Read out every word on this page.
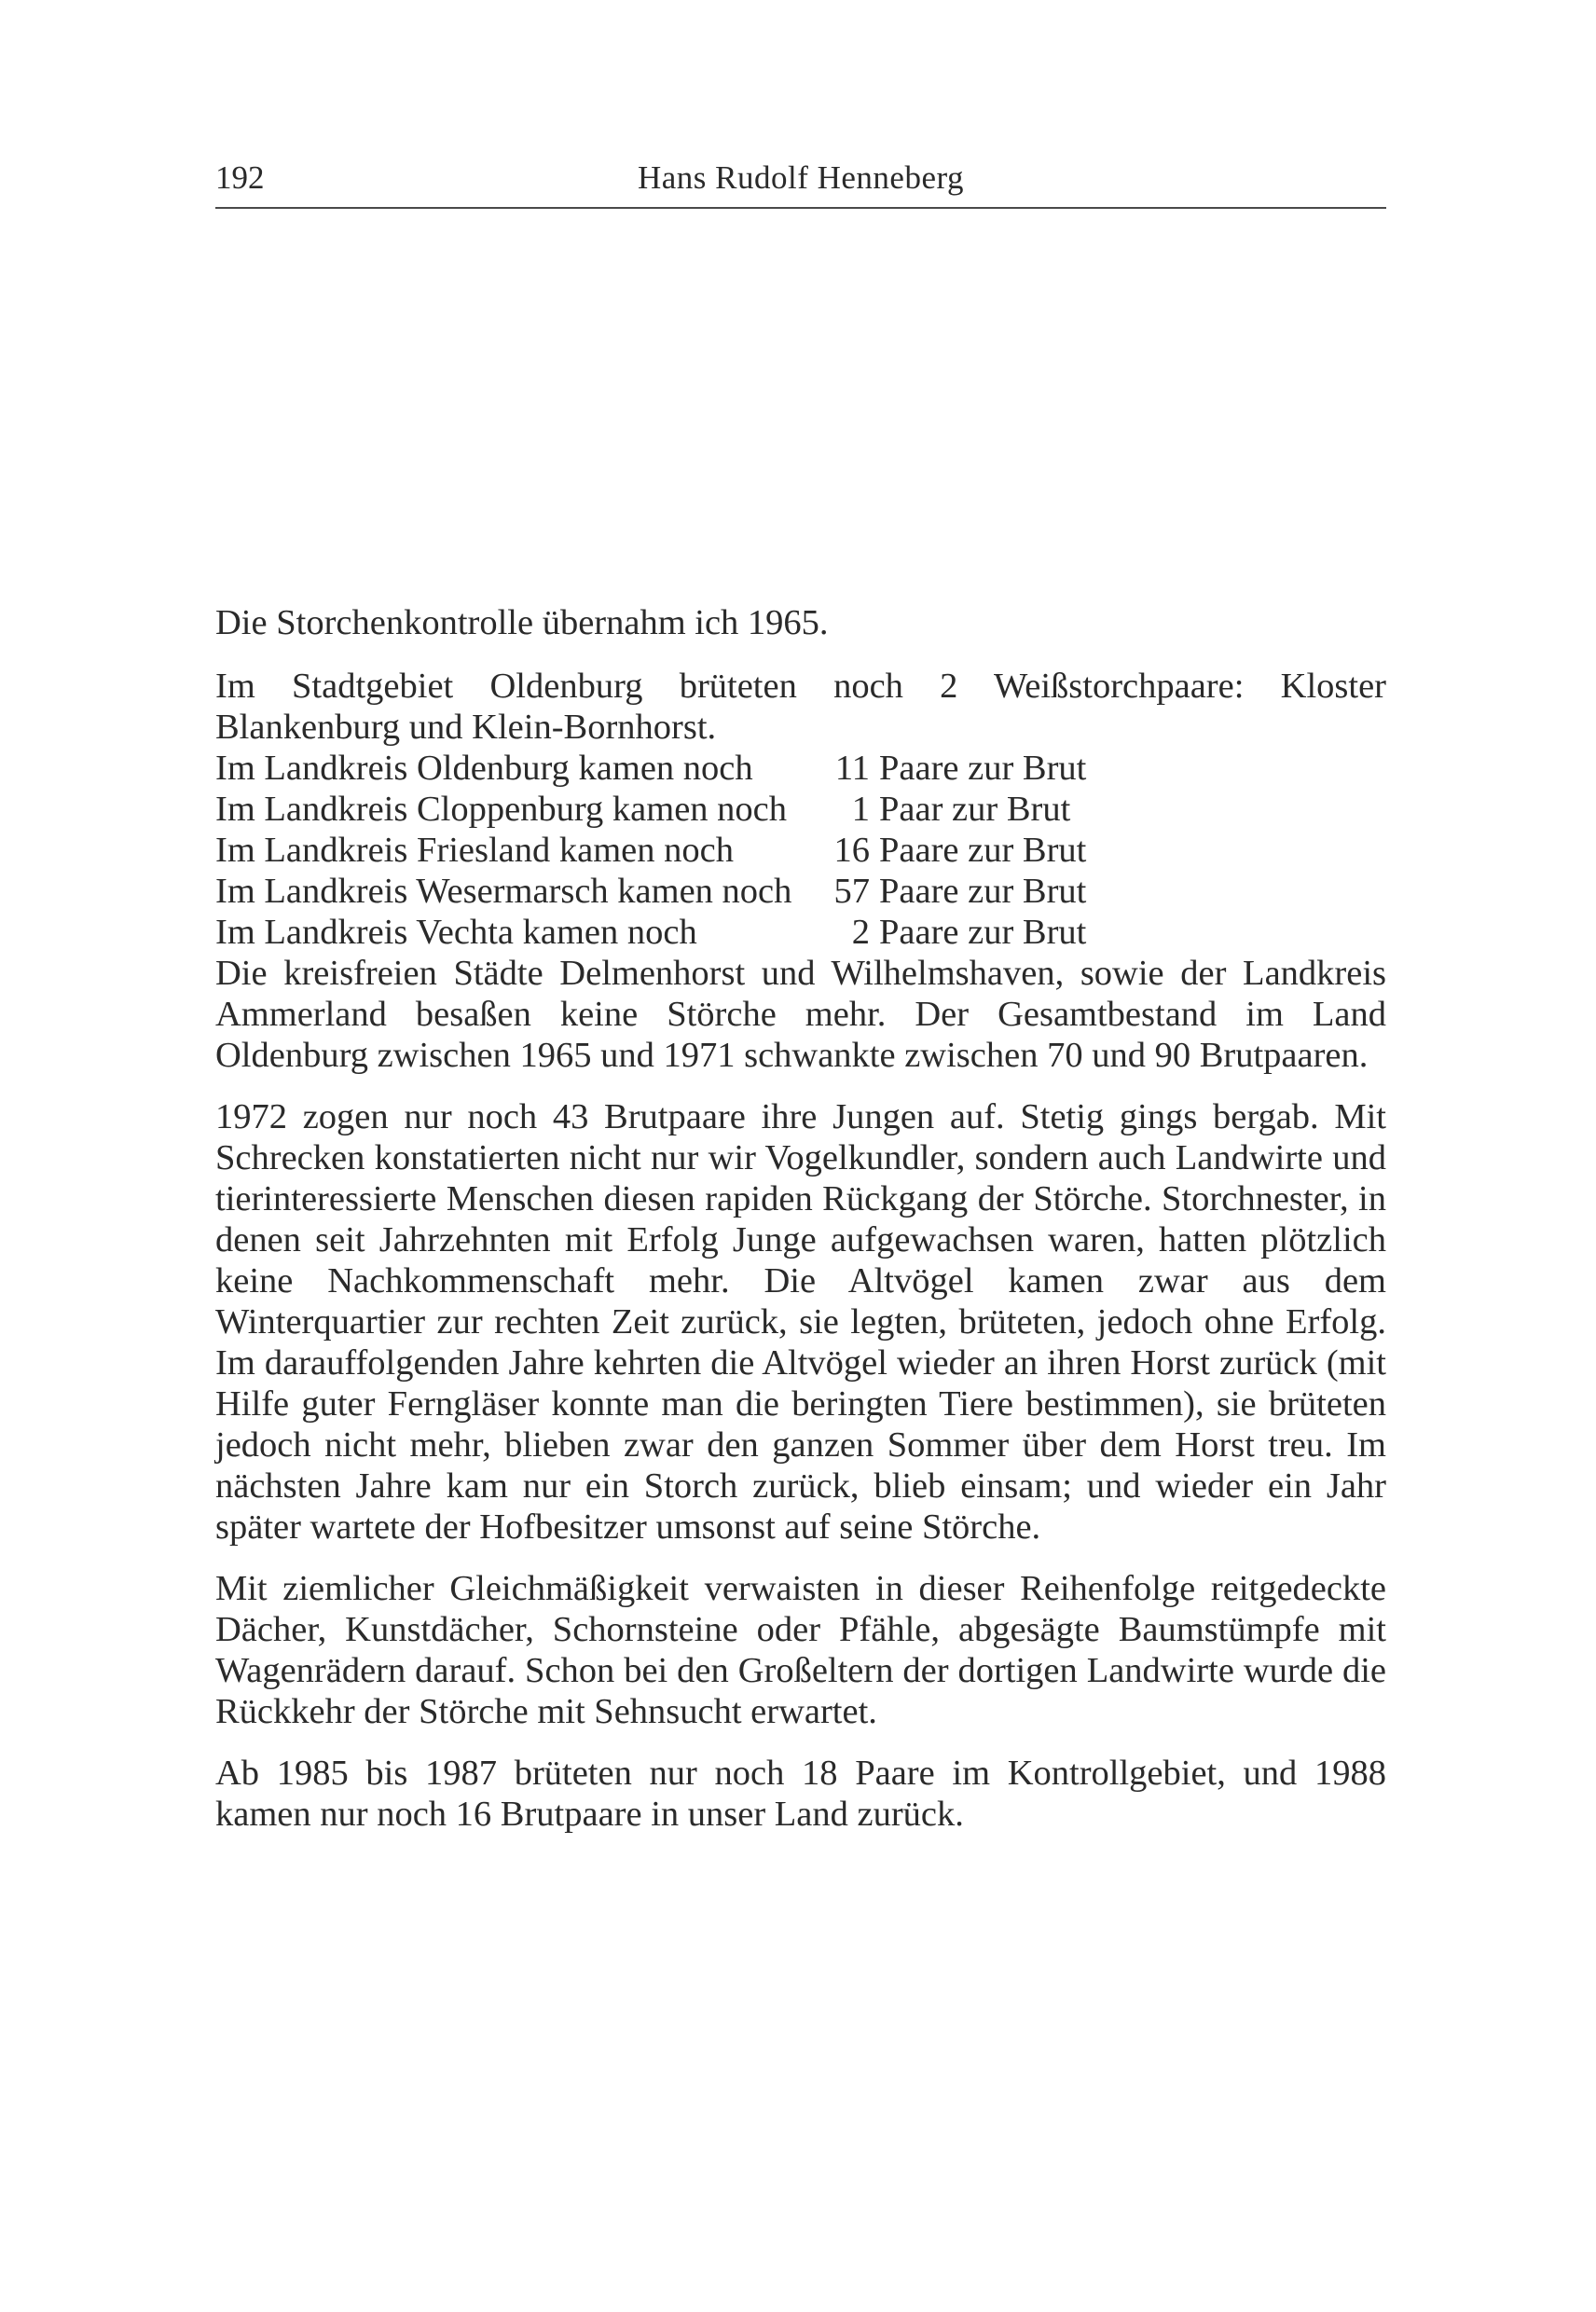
192	Hans Rudolf Henneberg

Die Storchenkontrolle übernahm ich 1965.

Im Stadtgebiet Oldenburg brüteten noch 2 Weißstorchpaare: Kloster Blankenburg und Klein-Bornhorst.

Im Landkreis Oldenburg kamen noch	11 Paare zur Brut
Im Landkreis Cloppenburg kamen noch	1 Paar zur Brut
Im Landkreis Friesland kamen noch	16 Paare zur Brut
Im Landkreis Wesermarsch kamen noch	57 Paare zur Brut
Im Landkreis Vechta kamen noch	2 Paare zur Brut

Die kreisfreien Städte Delmenhorst und Wilhelmshaven, sowie der Landkreis Ammerland besaßen keine Störche mehr. Der Gesamtbestand im Land Oldenburg zwischen 1965 und 1971 schwankte zwischen 70 und 90 Brutpaaren.

1972 zogen nur noch 43 Brutpaare ihre Jungen auf. Stetig gings bergab. Mit Schrecken konstatierten nicht nur wir Vogelkundler, sondern auch Landwirte und tierinteressierte Menschen diesen rapiden Rückgang der Störche. Storchnester, in denen seit Jahrzehnten mit Erfolg Junge aufgewachsen waren, hatten plötzlich keine Nachkommenschaft mehr. Die Altvögel kamen zwar aus dem Winterquartier zur rechten Zeit zurück, sie legten, brüteten, jedoch ohne Erfolg. Im darauffolgenden Jahre kehrten die Altvögel wieder an ihren Horst zurück (mit Hilfe guter Ferngläser konnte man die beringten Tiere bestimmen), sie brüteten jedoch nicht mehr, blieben zwar den ganzen Sommer über dem Horst treu. Im nächsten Jahre kam nur ein Storch zurück, blieb einsam; und wieder ein Jahr später wartete der Hofbesitzer umsonst auf seine Störche.

Mit ziemlicher Gleichmäßigkeit verwaisten in dieser Reihenfolge reitgedeckte Dächer, Kunstdächer, Schornsteine oder Pfähle, abgesägte Baumstümpfe mit Wagenrädern darauf. Schon bei den Großeltern der dortigen Landwirte wurde die Rückkehr der Störche mit Sehnsucht erwartet.

Ab 1985 bis 1987 brüteten nur noch 18 Paare im Kontrollgebiet, und 1988 kamen nur noch 16 Brutpaare in unser Land zurück.
